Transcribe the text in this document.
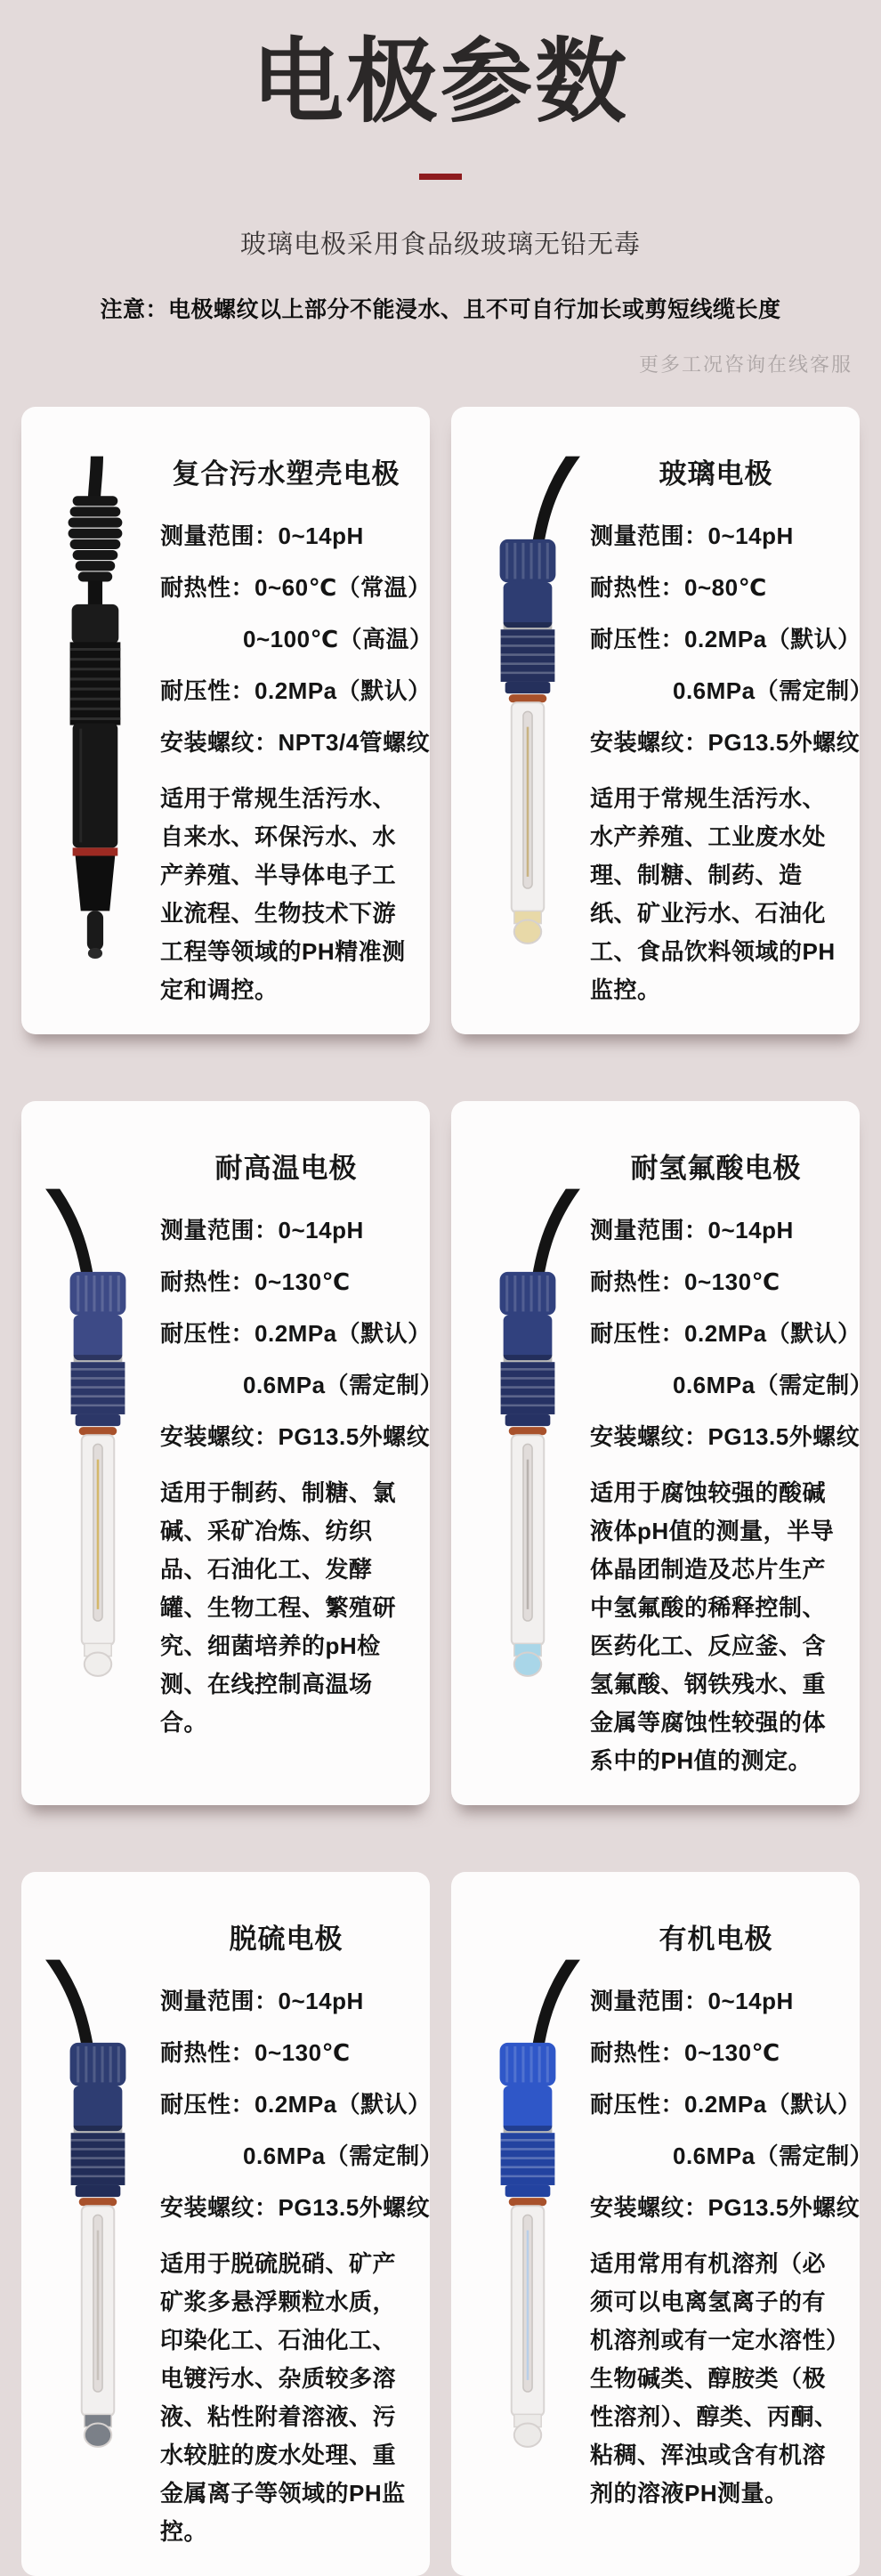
电极参数

玻璃电极采用食品级玻璃无铅无毒

注意：电极螺纹以上部分不能浸水、且不可自行加长或剪短线缆长度

更多工况咨询在线客服

复合污水塑壳电极

测量范围：0~14pH

耐热性：0~60℃（常温）

0~100℃（高温）

耐压性：0.2MPa（默认）

安装螺纹：NPT3/4管螺纹

适用于常规生活污水、自来水、环保污水、水产养殖、半导体电子工业流程、生物技术下游工程等领域的PH精准测定和调控。

玻璃电极

测量范围：0~14pH

耐热性：0~80℃

耐压性：0.2MPa（默认）

0.6MPa（需定制）

安装螺纹：PG13.5外螺纹

适用于常规生活污水、水产养殖、工业废水处理、制糖、制药、造纸、矿业污水、石油化工、食品饮料领域的PH监控。

耐高温电极

测量范围：0~14pH

耐热性：0~130℃

耐压性：0.2MPa（默认）

0.6MPa（需定制）

安装螺纹：PG13.5外螺纹

适用于制药、制糖、氯碱、采矿冶炼、纺织品、石油化工、发酵罐、生物工程、繁殖研究、细菌培养的pH检测、在线控制高温场合。

耐氢氟酸电极

测量范围：0~14pH

耐热性：0~130℃

耐压性：0.2MPa（默认）

0.6MPa（需定制）

安装螺纹：PG13.5外螺纹

适用于腐蚀较强的酸碱液体pH值的测量，半导体晶团制造及芯片生产中氢氟酸的稀释控制、医药化工、反应釜、含氢氟酸、钢铁残水、重金属等腐蚀性较强的体系中的PH值的测定。

脱硫电极

测量范围：0~14pH

耐热性：0~130℃

耐压性：0.2MPa（默认）

0.6MPa（需定制）

安装螺纹：PG13.5外螺纹

适用于脱硫脱硝、矿产矿浆多悬浮颗粒水质，印染化工、石油化工、电镀污水、杂质较多溶液、粘性附着溶液、污水较脏的废水处理、重金属离子等领域的PH监控。

有机电极

测量范围：0~14pH

耐热性：0~130℃

耐压性：0.2MPa（默认）

0.6MPa（需定制）

安装螺纹：PG13.5外螺纹

适用常用有机溶剂（必须可以电离氢离子的有机溶剂或有一定水溶性）生物碱类、醇胺类（极性溶剂）、醇类、丙酮、粘稠、浑浊或含有机溶剂的溶液PH测量。
